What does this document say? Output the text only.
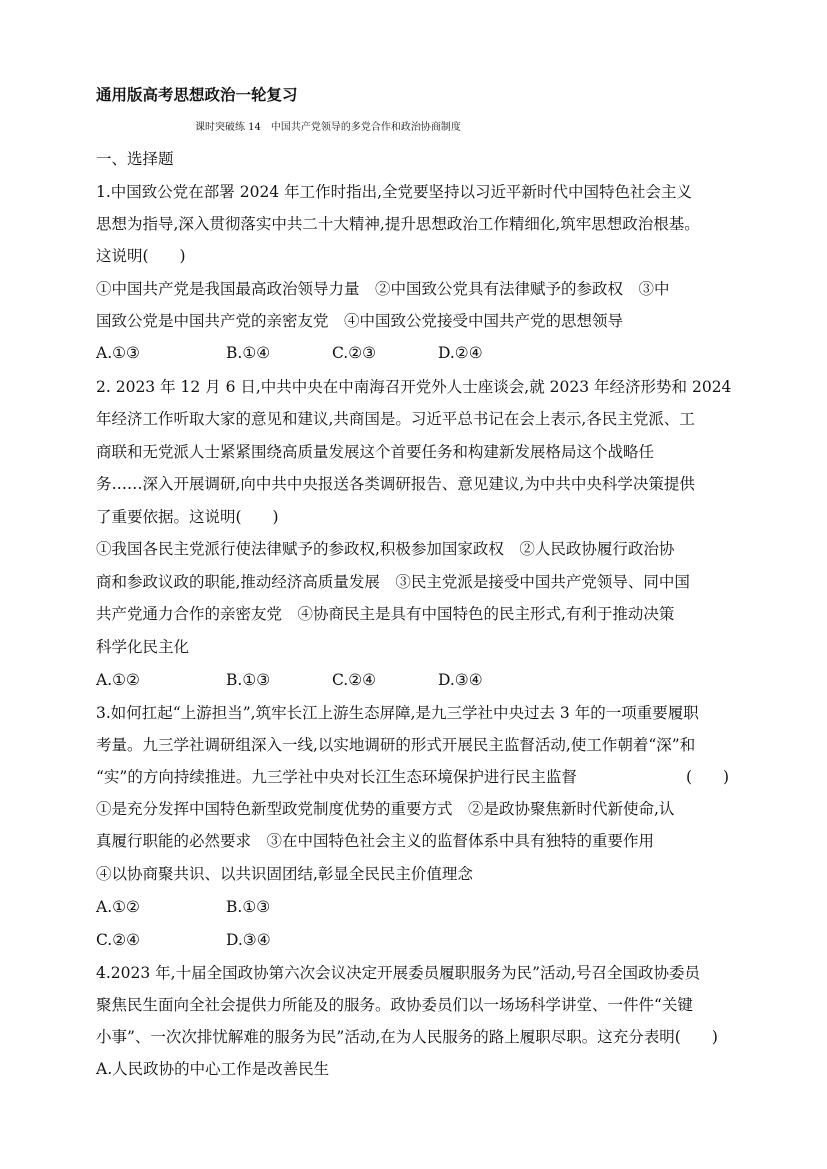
通用版高考思想政治一轮复习
课时突破练 14　中国共产党领导的多党合作和政治协商制度
一、选择题
1.中国致公党在部署 2024 年工作时指出,全党要坚持以习近平新时代中国特色社会主义
思想为指导,深入贯彻落实中共二十大精神,提升思想政治工作精细化,筑牢思想政治根基。
这说明(　　)
①中国共产党是我国最高政治领导力量　②中国致公党具有法律赋予的参政权　③中
国致公党是中国共产党的亲密友党　④中国致公党接受中国共产党的思想领导
A.①③	B.①④	C.②③	D.②④
2. 2023 年 12 月 6 日,中共中央在中南海召开党外人士座谈会,就 2023 年经济形势和 2024
年经济工作听取大家的意见和建议,共商国是。习近平总书记在会上表示,各民主党派、工
商联和无党派人士紧紧围绕高质量发展这个首要任务和构建新发展格局这个战略任
务……深入开展调研,向中共中央报送各类调研报告、意见建议,为中共中央科学决策提供
了重要依据。这说明(　　)
①我国各民主党派行使法律赋予的参政权,积极参加国家政权　②人民政协履行政治协
商和参政议政的职能,推动经济高质量发展　③民主党派是接受中国共产党领导、同中国
共产党通力合作的亲密友党　④协商民主是具有中国特色的民主形式,有利于推动决策
科学化民主化
A.①②	B.①③	C.②④	D.③④
3.如何扛起“上游担当”,筑牢长江上游生态屏障,是九三学社中央过去 3 年的一项重要履职
考量。九三学社调研组深入一线,以实地调研的形式开展民主监督活动,使工作朝着“深”和
“实”的方向持续推进。九三学社中央对长江生态环境保护进行民主监督	(　　)
①是充分发挥中国特色新型政党制度优势的重要方式　②是政协聚焦新时代新使命,认
真履行职能的必然要求　③在中国特色社会主义的监督体系中具有独特的重要作用
④以协商聚共识、以共识固团结,彰显全民民主价值理念
A.①②	B.①③
C.②④	D.③④
4.2023 年,十届全国政协第六次会议决定开展委员履职服务为民”活动,号召全国政协委员
聚焦民生面向全社会提供力所能及的服务。政协委员们以一场场科学讲堂、一件件“关键
小事”、一次次排忧解难的服务为民”活动,在为人民服务的路上履职尽职。这充分表明(　　)
A.人民政协的中心工作是改善民生
